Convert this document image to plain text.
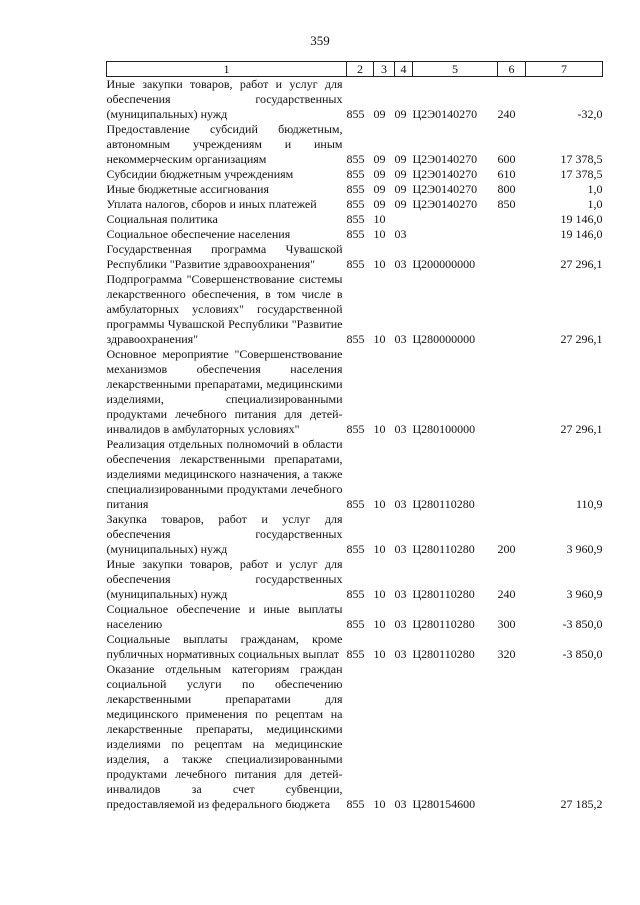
359
1	2	3	4	5	6	7
Иные закупки товаров, работ и услуг для обеспечения государственных (муниципальных) нужд	855	09	09	Ц2Э0140270	240	-32,0
Предоставление субсидий бюджетным, автономным учреждениям и иным некоммерческим организациям	855	09	09	Ц2Э0140270	600	17 378,5
Субсидии бюджетным учреждениям	855	09	09	Ц2Э0140270	610	17 378,5
Иные бюджетные ассигнования	855	09	09	Ц2Э0140270	800	1,0
Уплата налогов, сборов и иных платежей	855	09	09	Ц2Э0140270	850	1,0
Социальная политика	855	10				19 146,0
Социальное обеспечение населения	855	10	03			19 146,0
Государственная программа Чувашской Республики "Развитие здравоохранения"	855	10	03	Ц200000000		27 296,1
Подпрограмма "Совершенствование системы лекарственного обеспечения, в том числе в амбулаторных условиях" государственной программы Чувашской Республики "Развитие здравоохранения"	855	10	03	Ц280000000		27 296,1
Основное мероприятие "Совершенствование механизмов обеспечения населения лекарственными препаратами, медицинскими изделиями, специализированными продуктами лечебного питания для детей-инвалидов в амбулаторных условиях"	855	10	03	Ц280100000		27 296,1
Реализация отдельных полномочий в области обеспечения лекарственными препаратами, изделиями медицинского назначения, а также специализированными продуктами лечебного питания	855	10	03	Ц280110280		110,9
Закупка товаров, работ и услуг для обеспечения государственных (муниципальных) нужд	855	10	03	Ц280110280	200	3 960,9
Иные закупки товаров, работ и услуг для обеспечения государственных (муниципальных) нужд	855	10	03	Ц280110280	240	3 960,9
Социальное обеспечение и иные выплаты населению	855	10	03	Ц280110280	300	-3 850,0
Социальные выплаты гражданам, кроме публичных нормативных социальных выплат	855	10	03	Ц280110280	320	-3 850,0
Оказание отдельным категориям граждан социальной услуги по обеспечению лекарственными препаратами для медицинского применения по рецептам на лекарственные препараты, медицинскими изделиями по рецептам на медицинские изделия, а также специализированными продуктами лечебного питания для детей-инвалидов за счет субвенции, предоставляемой из федерального бюджета	855	10	03	Ц280154600		27 185,2
